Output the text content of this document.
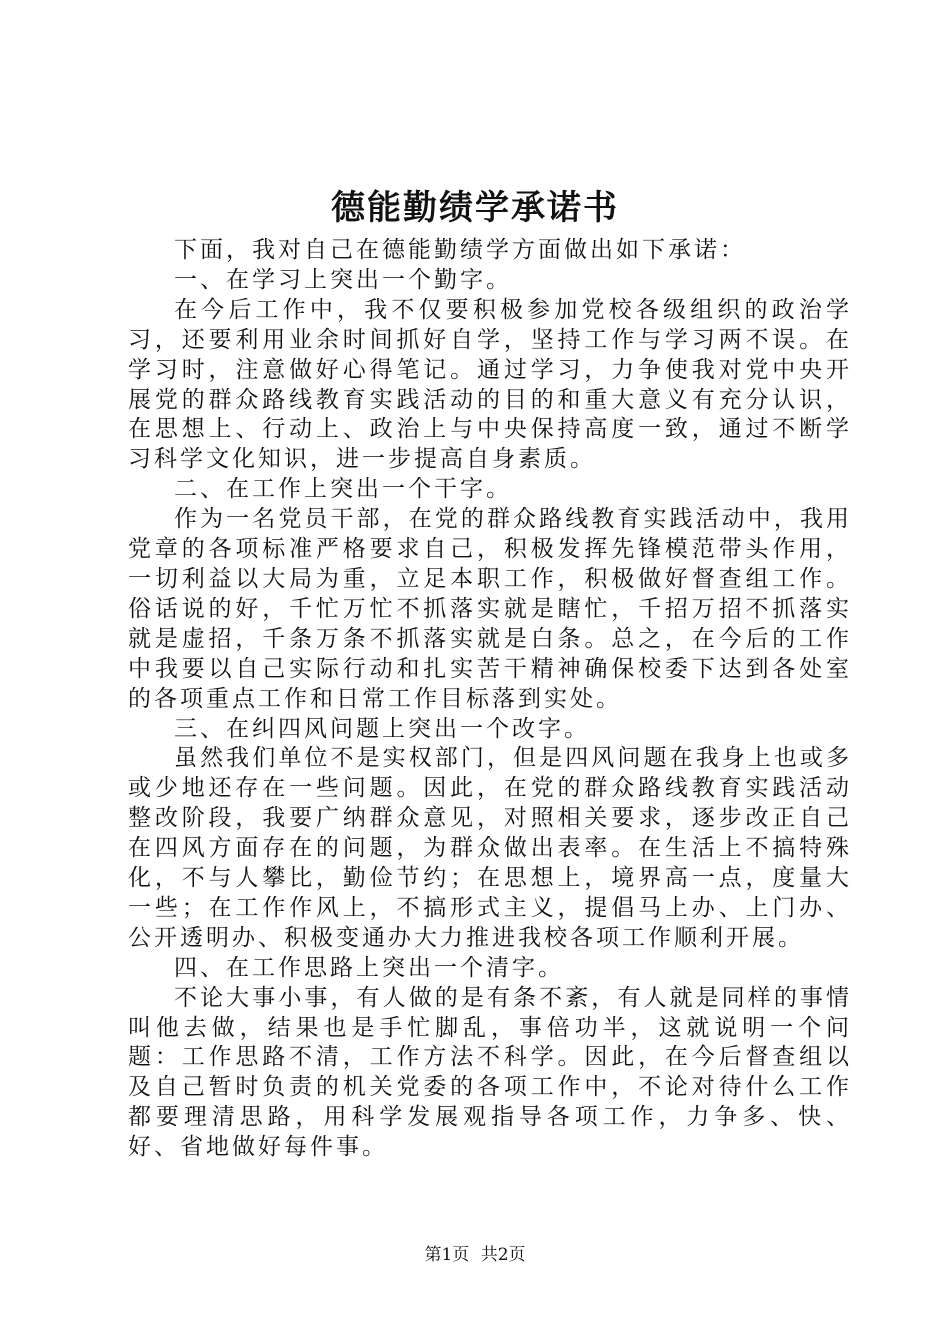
德能勤绩学承诺书

下面，我对自己在德能勤绩学方面做出如下承诺：

一、在学习上突出一个勤字。

在今后工作中，我不仅要积极参加党校各级组织的政治学习，还要利用业余时间抓好自学，坚持工作与学习两不误。在学习时，注意做好心得笔记。通过学习，力争使我对党中央开展党的群众路线教育实践活动的目的和重大意义有充分认识，在思想上、行动上、政治上与中央保持高度一致，通过不断学习科学文化知识，进一步提高自身素质。

二、在工作上突出一个干字。

作为一名党员干部，在党的群众路线教育实践活动中，我用党章的各项标准严格要求自己，积极发挥先锋模范带头作用，一切利益以大局为重，立足本职工作，积极做好督查组工作。俗话说的好，千忙万忙不抓落实就是瞎忙，千招万招不抓落实就是虚招，千条万条不抓落实就是白条。总之，在今后的工作中我要以自己实际行动和扎实苦干精神确保校委下达到各处室的各项重点工作和日常工作目标落到实处。

三、在纠四风问题上突出一个改字。

虽然我们单位不是实权部门，但是四风问题在我身上也或多或少地还存在一些问题。因此，在党的群众路线教育实践活动整改阶段，我要广纳群众意见，对照相关要求，逐步改正自己在四风方面存在的问题，为群众做出表率。在生活上不搞特殊化，不与人攀比，勤俭节约；在思想上，境界高一点，度量大一些；在工作作风上，不搞形式主义，提倡马上办、上门办、公开透明办、积极变通办大力推进我校各项工作顺利开展。

四、在工作思路上突出一个清字。

不论大事小事，有人做的是有条不紊，有人就是同样的事情叫他去做，结果也是手忙脚乱，事倍功半，这就说明一个问题：工作思路不清，工作方法不科学。因此，在今后督查组以及自己暂时负责的机关党委的各项工作中，不论对待什么工作都要理清思路，用科学发展观指导各项工作，力争多、快、好、省地做好每件事。

第1页 共2页
